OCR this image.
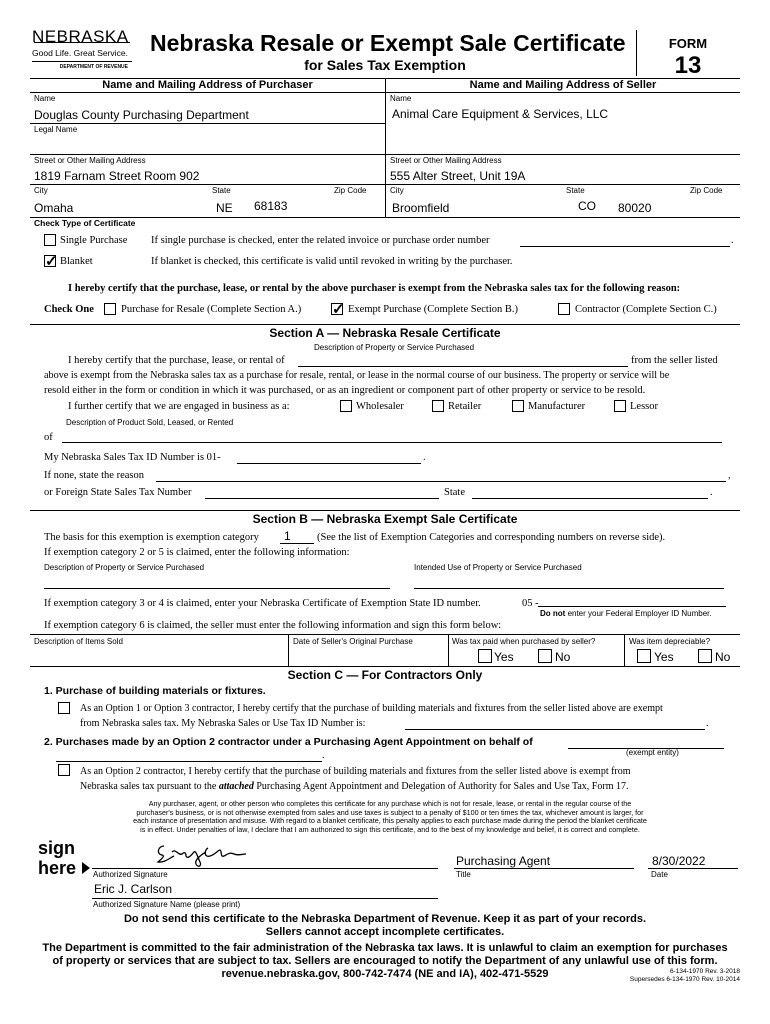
NEBRASKA
Good Life. Great Service.
DEPARTMENT OF REVENUE
Nebraska Resale or Exempt Sale Certificate
for Sales Tax Exemption
FORM
13
Name and Mailing Address of Purchaser	Name and Mailing Address of Seller
Name
Douglas County Purchasing Department
Legal Name
Street or Other Mailing Address
1819 Farnam Street Room 902
City	State	Zip Code
Omaha	NE 68183
Name
Animal Care Equipment & Services, LLC
Street or Other Mailing Address
555 Alter Street, Unit 19A
City	State	Zip Code
Broomfield	CO 80020
Check Type of Certificate
Single Purchase If single purchase is checked, enter the related invoice or purchase order number	.
✓ Blanket	If blanket is checked, this certificate is valid until revoked in writing by the purchaser.
I hereby certify that the purchase, lease, or rental by the above purchaser is exempt from the Nebraska sales tax for the following reason:
Check One	Purchase for Resale (Complete Section A.) ✓ Exempt Purchase (Complete Section B.)	Contractor (Complete Section C.)
Section A — Nebraska Resale Certificate
Description of Property or Service Purchased
I hereby certify that the purchase, lease, or rental of	from the seller listed
above is exempt from the Nebraska sales tax as a purchase for resale, rental, or lease in the normal course of our business. The property or service will be
resold either in the form or condition in which it was purchased, or as an ingredient or component part of other property or service to be resold.
I further certify that we are engaged in business as a:	Wholesaler	Retailer	Manufacturer	Lessor
Description of Product Sold, Leased, or Rented
of
My Nebraska Sales Tax ID Number is 01-	.
If none, state the reason	,
or Foreign State Sales Tax Number	State	.
Section B — Nebraska Exempt Sale Certificate
The basis for this exemption is exemption category 1	(See the list of Exemption Categories and corresponding numbers on reverse side).
If exemption category 2 or 5 is claimed, enter the following information:
Description of Property or Service Purchased	Intended Use of Property or Service Purchased
If exemption category 3 or 4 is claimed, enter your Nebraska Certificate of Exemption State ID number.	05 -
Do not enter your Federal Employer ID Number.
If exemption category 6 is claimed, the seller must enter the following information and sign this form below:
Description of Items Sold	Date of Seller's Original Purchase	Was tax paid when purchased by seller?	Was item depreciable?
Yes	No	Yes	No
Section C — For Contractors Only
1. Purchase of building materials or fixtures.
As an Option 1 or Option 3 contractor, I hereby certify that the purchase of building materials and fixtures from the seller listed above are exempt
from Nebraska sales tax. My Nebraska Sales or Use Tax ID Number is:	.
2. Purchases made by an Option 2 contractor under a Purchasing Agent Appointment on behalf of
(exempt entity)
.
As an Option 2 contractor, I hereby certify that the purchase of building materials and fixtures from the seller listed above is exempt from
Nebraska sales tax pursuant to the attached Purchasing Agent Appointment and Delegation of Authority for Sales and Use Tax, Form 17.
Any purchaser, agent, or other person who completes this certificate for any purchase which is not for resale, lease, or rental in the regular course of the
purchaser's business, or is not otherwise exempted from sales and use taxes is subject to a penalty of $100 or ten times the tax, whichever amount is larger, for
each instance of presentation and misuse. With regard to a blanket certificate, this penalty applies to each purchase made during the period the blanket certificate
is in effect. Under penalties of law, I declare that I am authorized to sign this certificate, and to the best of my knowledge and belief, it is correct and complete.
sign
here Authorized Signature
Purchasing Agent
Title
8/30/2022
Date
Eric J. Carlson
Authorized Signature Name (please print)
Do not send this certificate to the Nebraska Department of Revenue. Keep it as part of your records.
Sellers cannot accept incomplete certificates.
The Department is committed to the fair administration of the Nebraska tax laws. It is unlawful to claim an exemption for purchases
of property or services that are subject to tax. Sellers are encouraged to notify the Department of any unlawful use of this form.
revenue.nebraska.gov, 800-742-7474 (NE and IA), 402-471-5529	6-134-1970 Rev. 3-2018
Supersedes 6-134-1970 Rev. 10-2014
